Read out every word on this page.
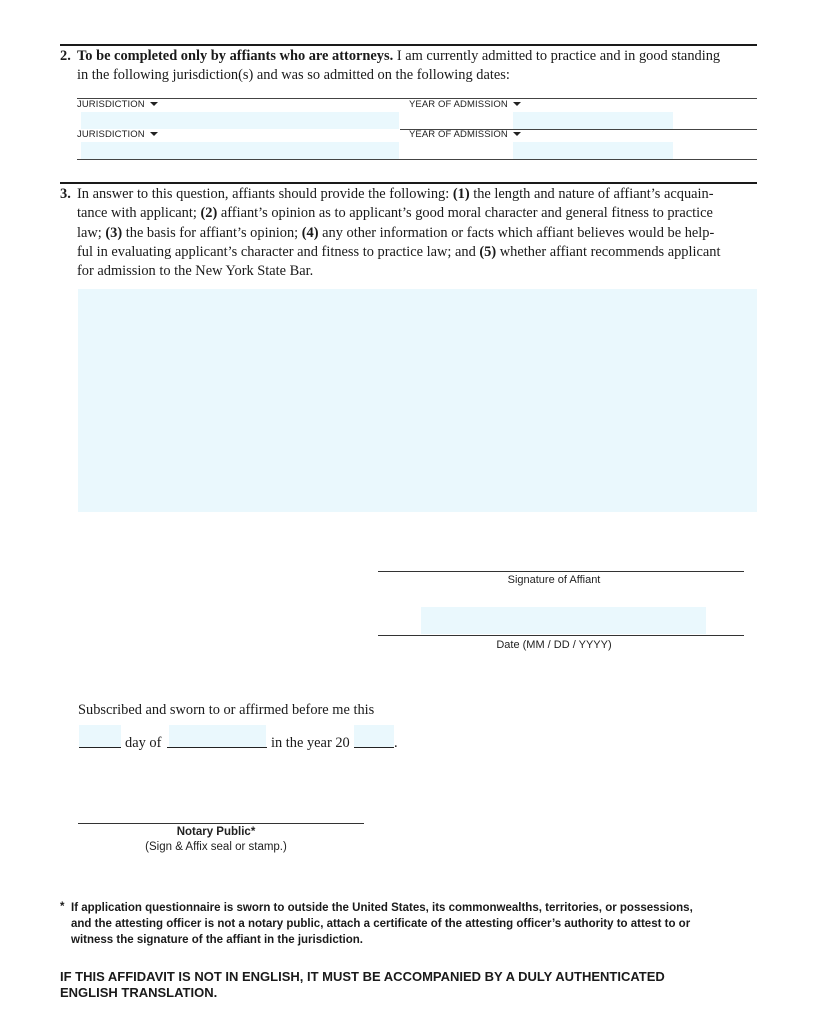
2. To be completed only by affiants who are attorneys. I am currently admitted to practice and in good standing
in the following jurisdiction(s) and was so admitted on the following dates:
JURISDICTION	YEAR OF ADMISSION
JURISDICTION	YEAR OF ADMISSION
3. In answer to this question, affiants should provide the following: (1) the length and nature of affiant’s acquain-
tance with applicant; (2) affiant’s opinion as to applicant’s good moral character and general fitness to practice
law; (3) the basis for affiant’s opinion; (4) any other information or facts which affiant believes would be help-
ful in evaluating applicant’s character and fitness to practice law; and (5) whether affiant recommends applicant
for admission to the New York State Bar.
Signature of Affiant
Date (MM / DD / YYYY)
Subscribed and sworn to or affirmed before me this
day of	in the year 20	.
Notary Public*
(Sign & Affix seal or stamp.)
* If application questionnaire is sworn to outside the United States, its commonwealths, territories, or possessions,
and the attesting officer is not a notary public, attach a certificate of the attesting officer’s authority to attest to or
witness the signature of the affiant in the jurisdiction.
IF THIS AFFIDAVIT IS NOT IN ENGLISH, IT MUST BE ACCOMPANIED BY A DULY AUTHENTICATED
ENGLISH TRANSLATION.
